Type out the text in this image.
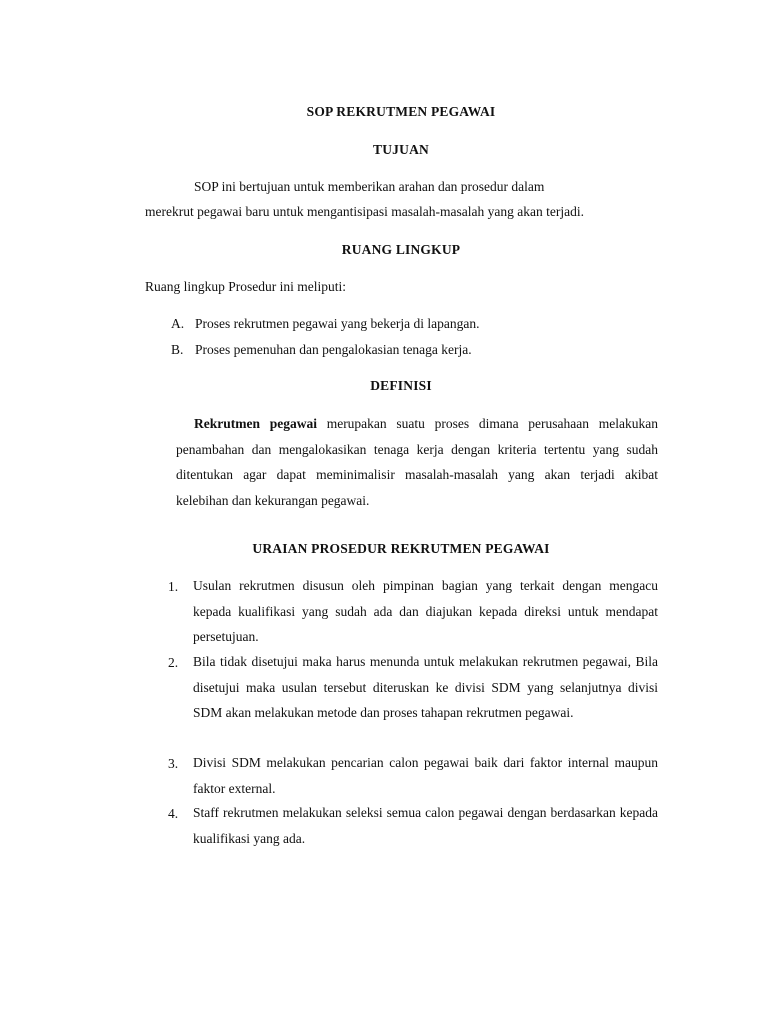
SOP REKRUTMEN PEGAWAI
TUJUAN
SOP ini bertujuan untuk memberikan arahan dan prosedur dalam
merekrut pegawai baru untuk mengantisipasi masalah-masalah yang akan terjadi.
RUANG LINGKUP
Ruang lingkup Prosedur ini meliputi:
A. Proses rekrutmen pegawai yang bekerja di lapangan.
B. Proses pemenuhan dan pengalokasian tenaga kerja.
DEFINISI
Rekrutmen pegawai merupakan suatu proses dimana perusahaan melakukan penambahan dan mengalokasikan tenaga kerja dengan kriteria tertentu yang sudah ditentukan agar dapat meminimalisir masalah-masalah yang akan terjadi akibat kelebihan dan kekurangan pegawai.
URAIAN PROSEDUR REKRUTMEN PEGAWAI
1.	Usulan rekrutmen disusun oleh pimpinan bagian yang terkait dengan mengacu kepada kualifikasi yang sudah ada dan diajukan kepada direksi untuk mendapat persetujuan.
2.	Bila tidak disetujui maka harus menunda untuk melakukan rekrutmen pegawai, Bila disetujui maka usulan tersebut diteruskan ke divisi SDM yang selanjutnya divisi SDM akan melakukan metode dan proses tahapan rekrutmen pegawai.
3.	Divisi SDM melakukan pencarian calon pegawai baik dari faktor internal maupun faktor external.
4.	Staff rekrutmen melakukan seleksi semua calon pegawai dengan berdasarkan kepada kualifikasi yang ada.
